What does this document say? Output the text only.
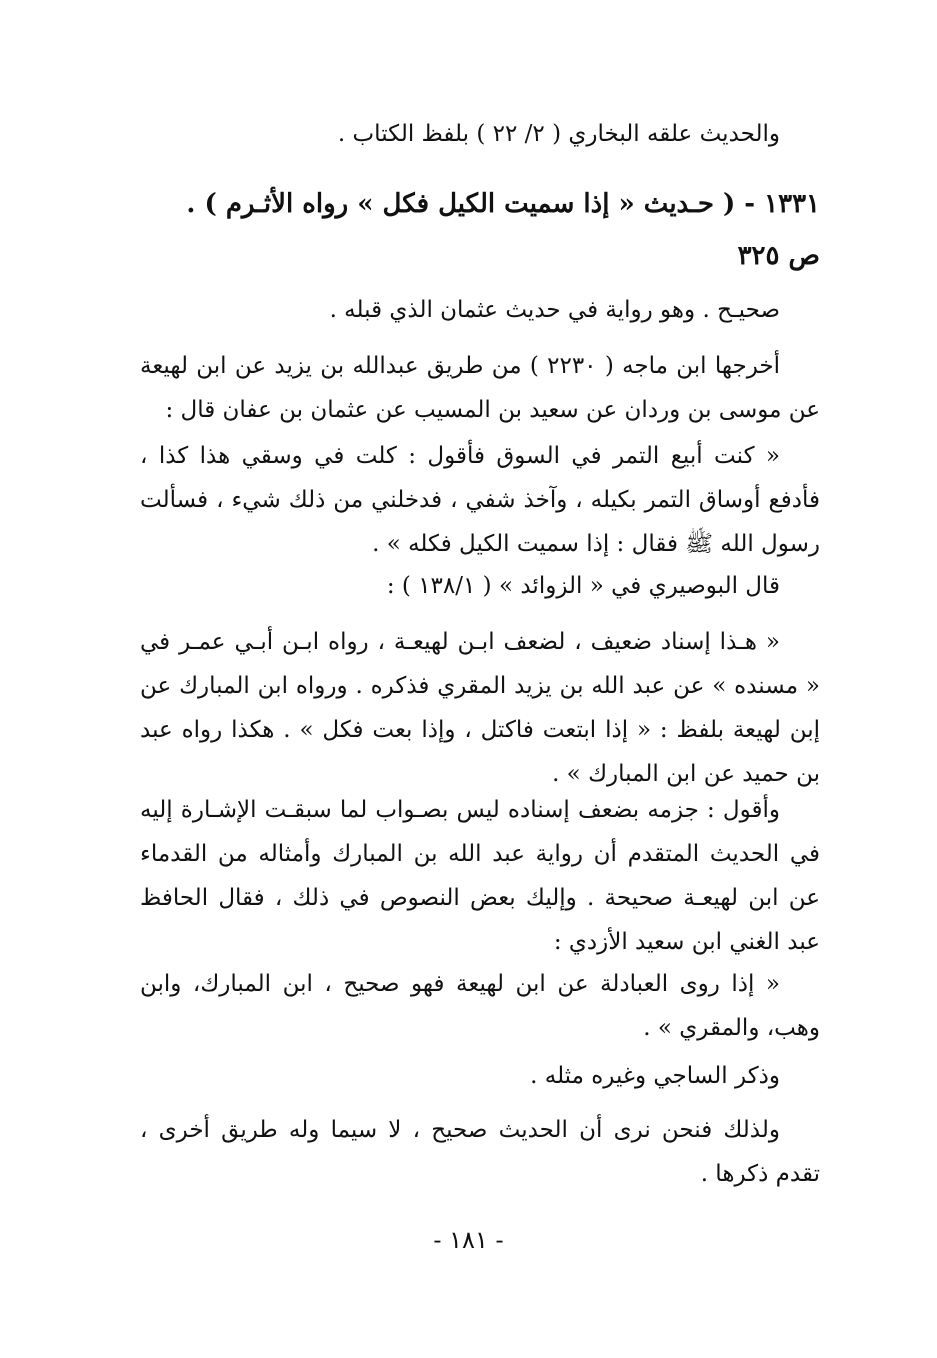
والحديث علقه البخاري ( ٢/ ٢٢ ) بلفظ الكتاب .

١٣٣١ - ( حـديث « إذا سميت الكيل فكل » رواه الأثـرم ) .

ص ٣٢٥

صحيـح . وهو رواية في حديث عثمان الذي قبله .

أخرجها ابن ماجه ( ٢٢٣٠ ) من طريق عبدالله بن يزيد عن ابن لهيعة عن موسى بن وردان عن سعيد بن المسيب عن عثمان بن عفان قال :

« كنت أبيع التمر في السوق فأقول : كلت في وسقي هذا كذا ، فأدفع أوساق التمر بكيله ، وآخذ شفي ، فدخلني من ذلك شيء ، فسألت رسول الله ﷺ فقال : إذا سميت الكيل فكله » .

قال البوصيري في « الزوائد » ( ١٣٨/١ ) :

« هـذا إسناد ضعيف ، لضعف ابـن لهيعـة ، رواه ابـن أبـي عمـر في « مسنده » عن عبد الله بن يزيد المقري فذكره . ورواه ابن المبارك عن إبن لهيعة بلفظ : « إذا ابتعت فاكتل ، وإذا بعت فكل » . هكذا رواه عبد بن حميد عن ابن المبارك » .

وأقول : جزمه بضعف إسناده ليس بصـواب لما سبقـت الإشـارة إليه في الحديث المتقدم أن رواية عبد الله بن المبارك وأمثاله من القدماء عن ابن لهيعـة صحيحة . وإليك بعض النصوص في ذلك ، فقال الحافظ عبد الغني ابن سعيد الأزدي :

« إذا روى العبادلة عن ابن لهيعة فهو صحيح ، ابن المبارك، وابن وهب، والمقري » .

وذكر الساجي وغيره مثله .

ولذلك فنحن نرى أن الحديث صحيح ، لا سيما وله طريق أخرى ، تقدم ذكرها .

- ١٨١ -
